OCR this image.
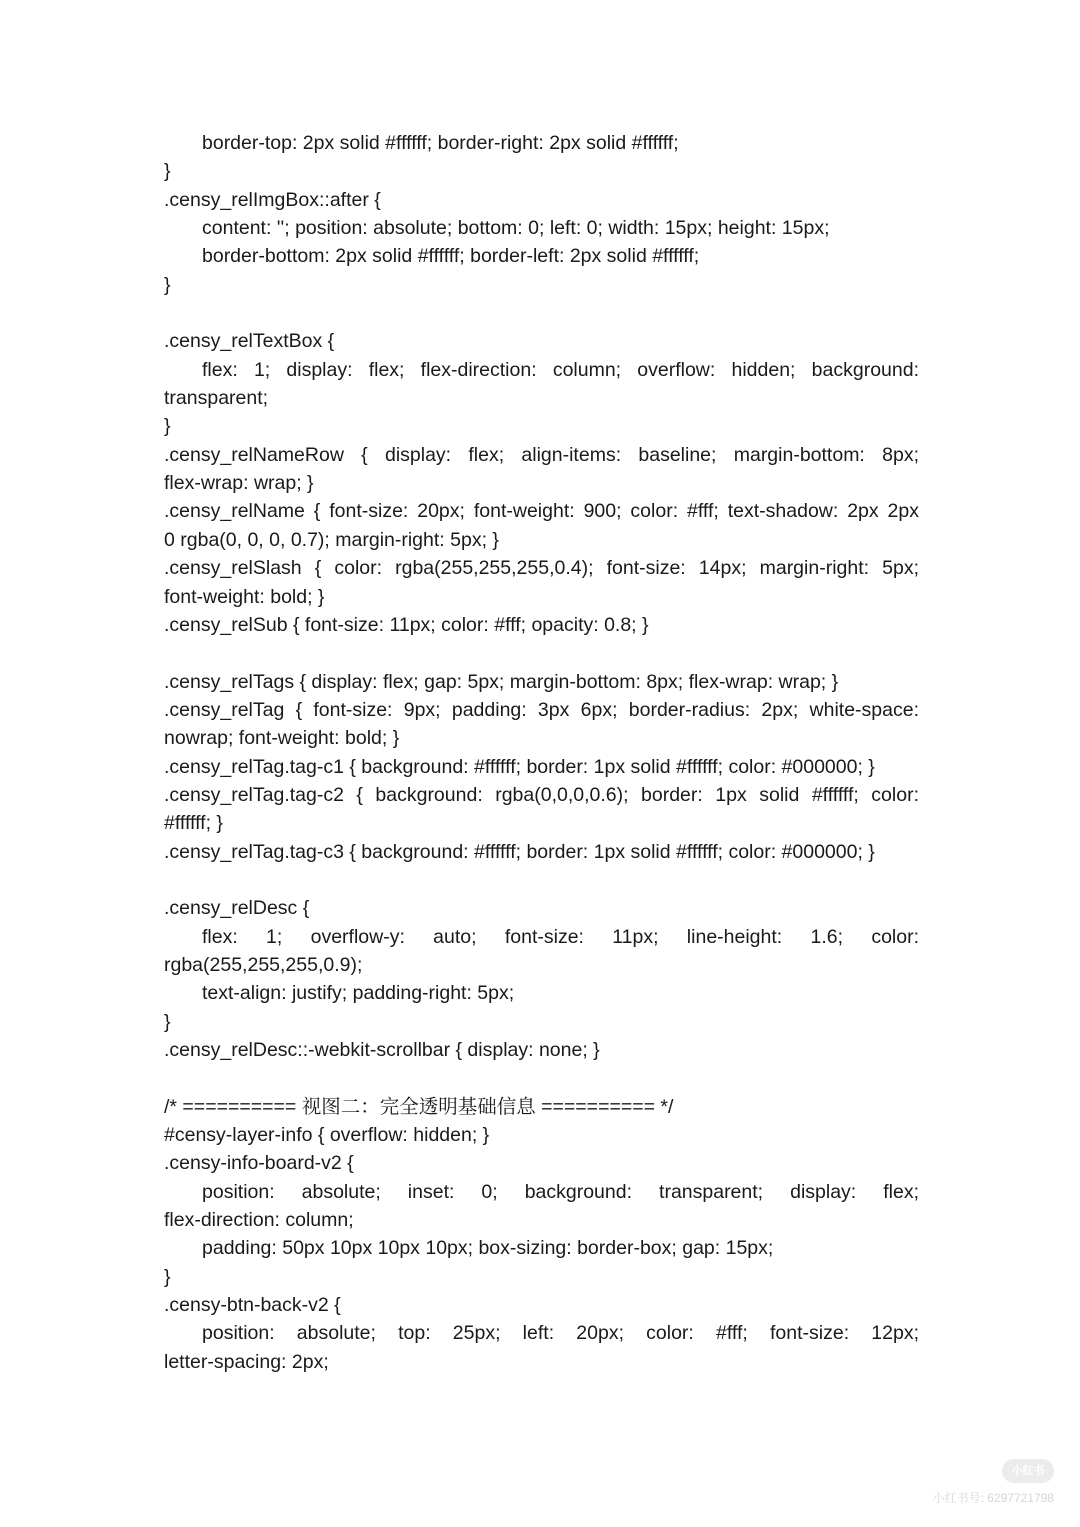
border-top: 2px solid #ffffff; border-right: 2px solid #ffffff;
}
.censy_relImgBox::after {
content: ''; position: absolute; bottom: 0; left: 0; width: 15px; height: 15px;
border-bottom: 2px solid #ffffff; border-left: 2px solid #ffffff;
}
.censy_relTextBox {
flex: 1; display: flex; flex-direction: column; overflow: hidden; background:
transparent;
}
.censy_relNameRow { display: flex; align-items: baseline; margin-bottom: 8px;
flex-wrap: wrap; }
.censy_relName { font-size: 20px; font-weight: 900; color: #fff; text-shadow: 2px 2px
0 rgba(0, 0, 0, 0.7); margin-right: 5px; }
.censy_relSlash { color: rgba(255,255,255,0.4); font-size: 14px; margin-right: 5px;
font-weight: bold; }
.censy_relSub { font-size: 11px; color: #fff; opacity: 0.8; }
.censy_relTags { display: flex; gap: 5px; margin-bottom: 8px; flex-wrap: wrap; }
.censy_relTag { font-size: 9px; padding: 3px 6px; border-radius: 2px; white-space:
nowrap; font-weight: bold; }
.censy_relTag.tag-c1 { background: #ffffff; border: 1px solid #ffffff; color: #000000; }
.censy_relTag.tag-c2 { background: rgba(0,0,0,0.6); border: 1px solid #ffffff; color:
#ffffff; }
.censy_relTag.tag-c3 { background: #ffffff; border: 1px solid #ffffff; color: #000000; }
.censy_relDesc {
flex: 1; overflow-y: auto; font-size: 11px; line-height: 1.6; color:
rgba(255,255,255,0.9);
text-align: justify; padding-right: 5px;
}
.censy_relDesc::-webkit-scrollbar { display: none; }
/* ========== 视图二：完全透明基础信息 ========== */
#censy-layer-info { overflow: hidden; }
.censy-info-board-v2 {
position: absolute; inset: 0; background: transparent; display: flex;
flex-direction: column;
padding: 50px 10px 10px 10px; box-sizing: border-box; gap: 15px;
}
.censy-btn-back-v2 {
position: absolute; top: 25px; left: 20px; color: #fff; font-size: 12px;
letter-spacing: 2px;
小红书
小红书号: 6297721798
